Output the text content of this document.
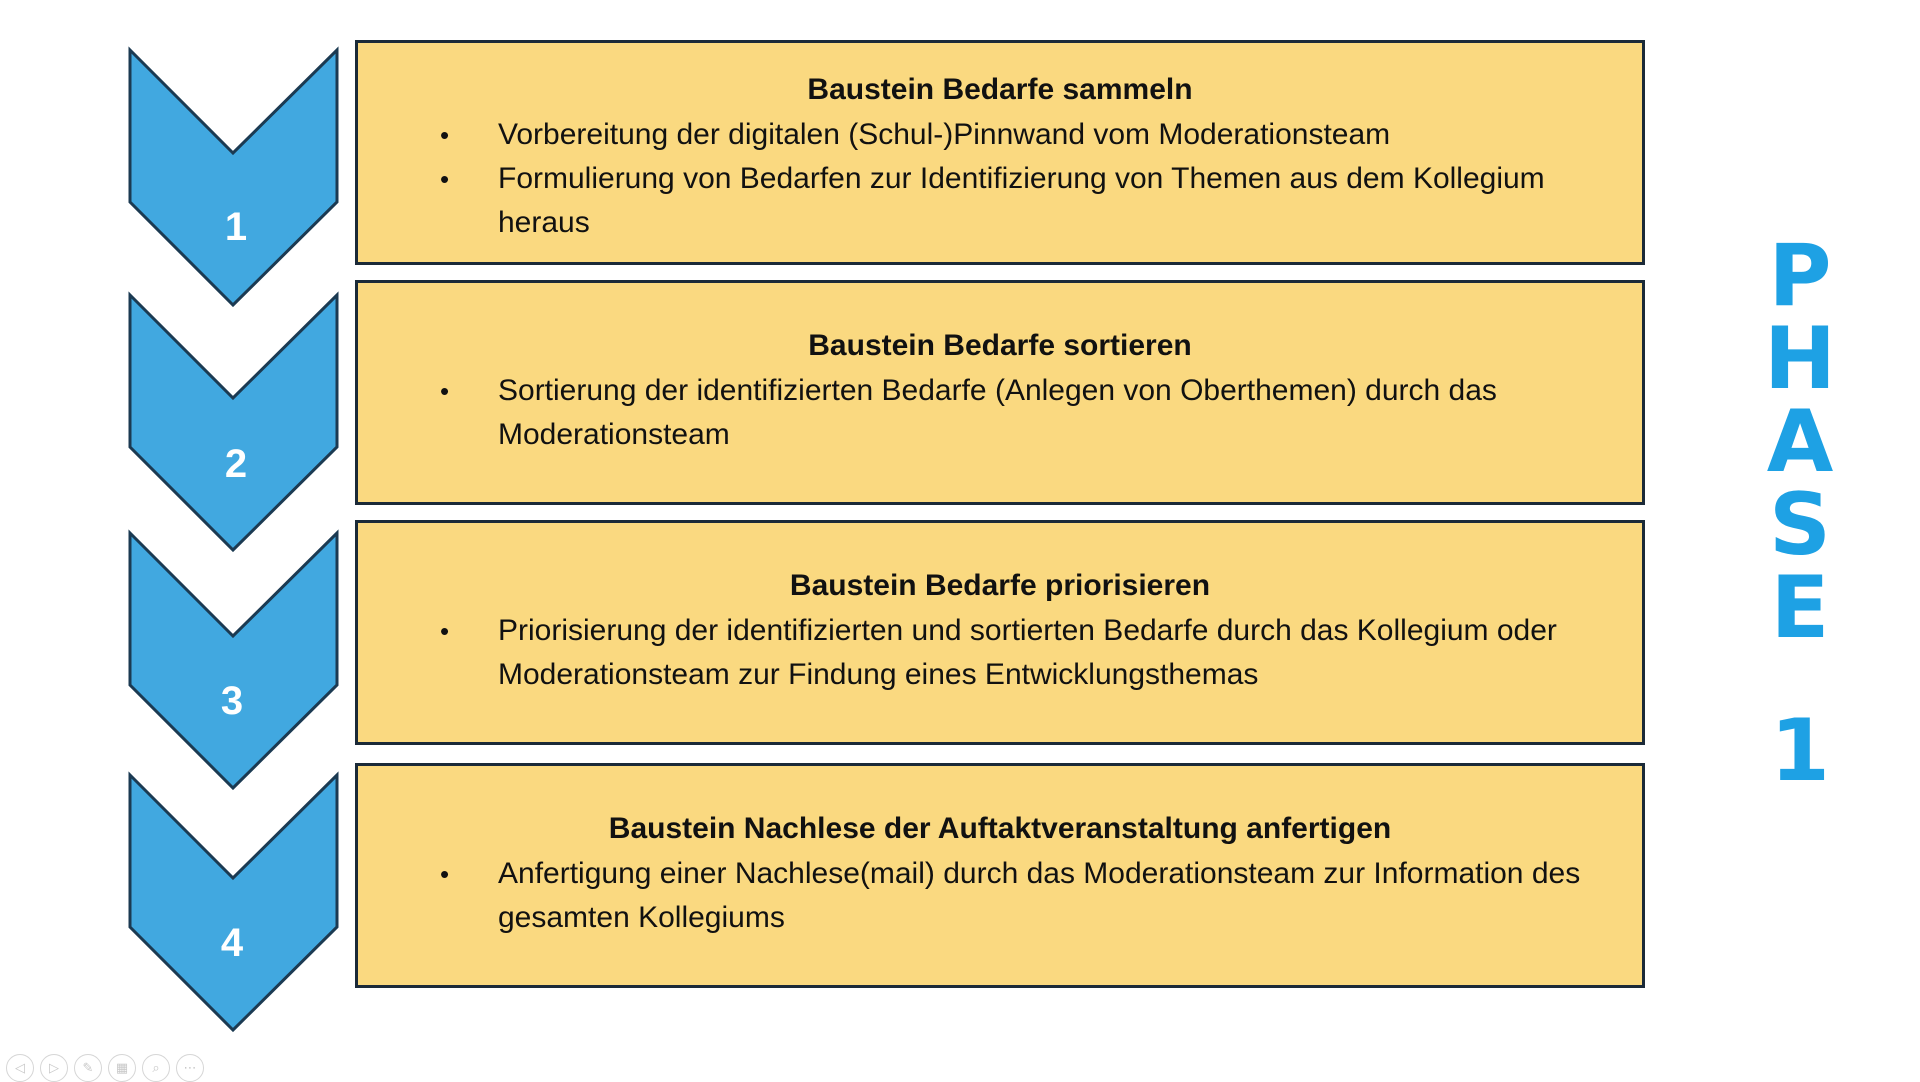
1
2
3
4
Baustein Bedarfe sammeln
• Vorbereitung der digitalen (Schul-)Pinnwand vom Moderationsteam
• Formulierung von Bedarfen zur Identifizierung von Themen aus dem Kollegium heraus
Baustein Bedarfe sortieren
• Sortierung der identifizierten Bedarfe (Anlegen von Oberthemen) durch das Moderationsteam
Baustein Bedarfe priorisieren
• Priorisierung der identifizierten und sortierten Bedarfe durch das Kollegium oder Moderationsteam zur Findung eines Entwicklungsthemas
Baustein Nachlese der Auftaktveranstaltung anfertigen
• Anfertigung einer Nachlese(mail) durch das Moderationsteam zur Information des gesamten Kollegiums
P
H
A
S
E
1
◁	▷	✎	▦	⌕	⋯
